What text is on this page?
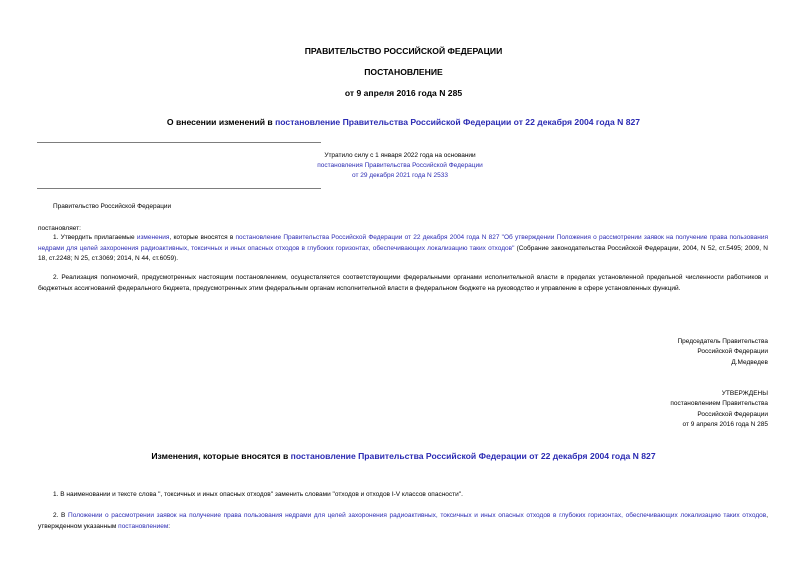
ПРАВИТЕЛЬСТВО РОССИЙСКОЙ ФЕДЕРАЦИИ
ПОСТАНОВЛЕНИЕ
от 9 апреля 2016 года N 285
О внесении изменений в постановление Правительства Российской Федерации от 22 декабря 2004 года N 827
Утратило силу с 1 января 2022 года на основании
постановления Правительства Российской Федерации
от 29 декабря 2021 года N 2533
Правительство Российской Федерации
постановляет:
1. Утвердить прилагаемые изменения, которые вносятся в постановление Правительства Российской Федерации от 22 декабря 2004 года N 827 "Об утверждении Положения о рассмотрении заявок на получение права пользования недрами для целей захоронения радиоактивных, токсичных и иных опасных отходов в глубоких горизонтах, обеспечивающих локализацию таких отходов" (Собрание законодательства Российской Федерации, 2004, N 52, ст.5495; 2009, N 18, ст.2248; N 25, ст.3069; 2014, N 44, ст.6059).
2. Реализация полномочий, предусмотренных настоящим постановлением, осуществляется соответствующими федеральными органами исполнительной власти в пределах установленной предельной численности работников и бюджетных ассигнований федерального бюджета, предусмотренных этим федеральным органам исполнительной власти в федеральном бюджете на руководство и управление в сфере установленных функций.
Председатель Правительства
Российской Федерации
Д.Медведев
УТВЕРЖДЕНЫ
постановлением Правительства
Российской Федерации
от 9 апреля 2016 года N 285
Изменения, которые вносятся в постановление Правительства Российской Федерации от 22 декабря 2004 года N 827
1. В наименовании и тексте слова ", токсичных и иных опасных отходов" заменить словами "отходов и отходов I-V классов опасности".
2. В Положении о рассмотрении заявок на получение права пользования недрами для целей захоронения радиоактивных, токсичных и иных опасных отходов в глубоких горизонтах, обеспечивающих локализацию таких отходов, утвержденном указанным постановлением:
